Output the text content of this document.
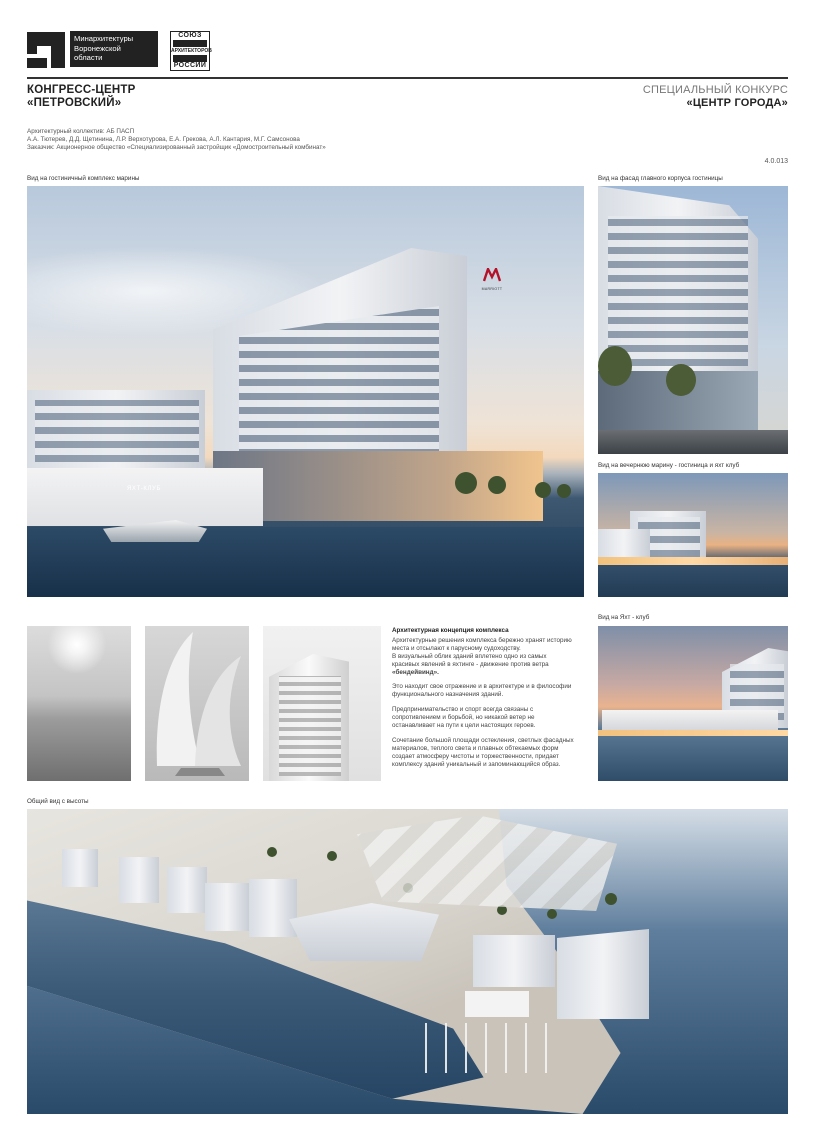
Минархитектуры
Воронежской
области
СОЮЗ
АРХИТЕКТОРОВ
РОССИИ
КОНГРЕСС-ЦЕНТР
«ПЕТРОВСКИЙ»
СПЕЦИАЛЬНЫЙ КОНКУРС
«ЦЕНТР ГОРОДА»
Архитектурный коллектив: АБ ПАСП
А.А. Тютерев, Д.Д. Щетинина, Л.Р. Верхотурова, Е.А. Грекова, А.Л. Кантария, М.Г. Самсонова
Заказчик: Акционерное общество «Специализированный застройщик «Домостроительный комбинат»
4.0.013
Вид на гостиничный комплекс марины	Вид на фасад главного корпуса гостиницы
Вид на вечернюю марину - гостиница и яхт клуб
Вид на Яхт - клуб
Общий вид с высоты
MARRIOTT
ЯХТ-КЛУБ
Архитектурная концепция комплекса

Архитектурные решения комплекса бережно хранят историю
места и отсылают к парусному судоходству.
В визуальный облик зданий вплетено одно из самых
красивых явлений в яхтинге - движение против ветра
«бендейвинд».

Это находит свое отражение и в архитектуре и в философии
функционального назначения зданий.

Предпринимательство и спорт всегда связаны с
сопротивлением и борьбой, но никакой ветер не
останавливает на пути к цели настоящих героев.

Сочетание большой площади остекления, светлых фасадных
материалов, теплого света и плавных обтекаемых форм
создает атмосферу чистоты и торжественности, придает
комплексу зданий уникальный и запоминающийся образ.
